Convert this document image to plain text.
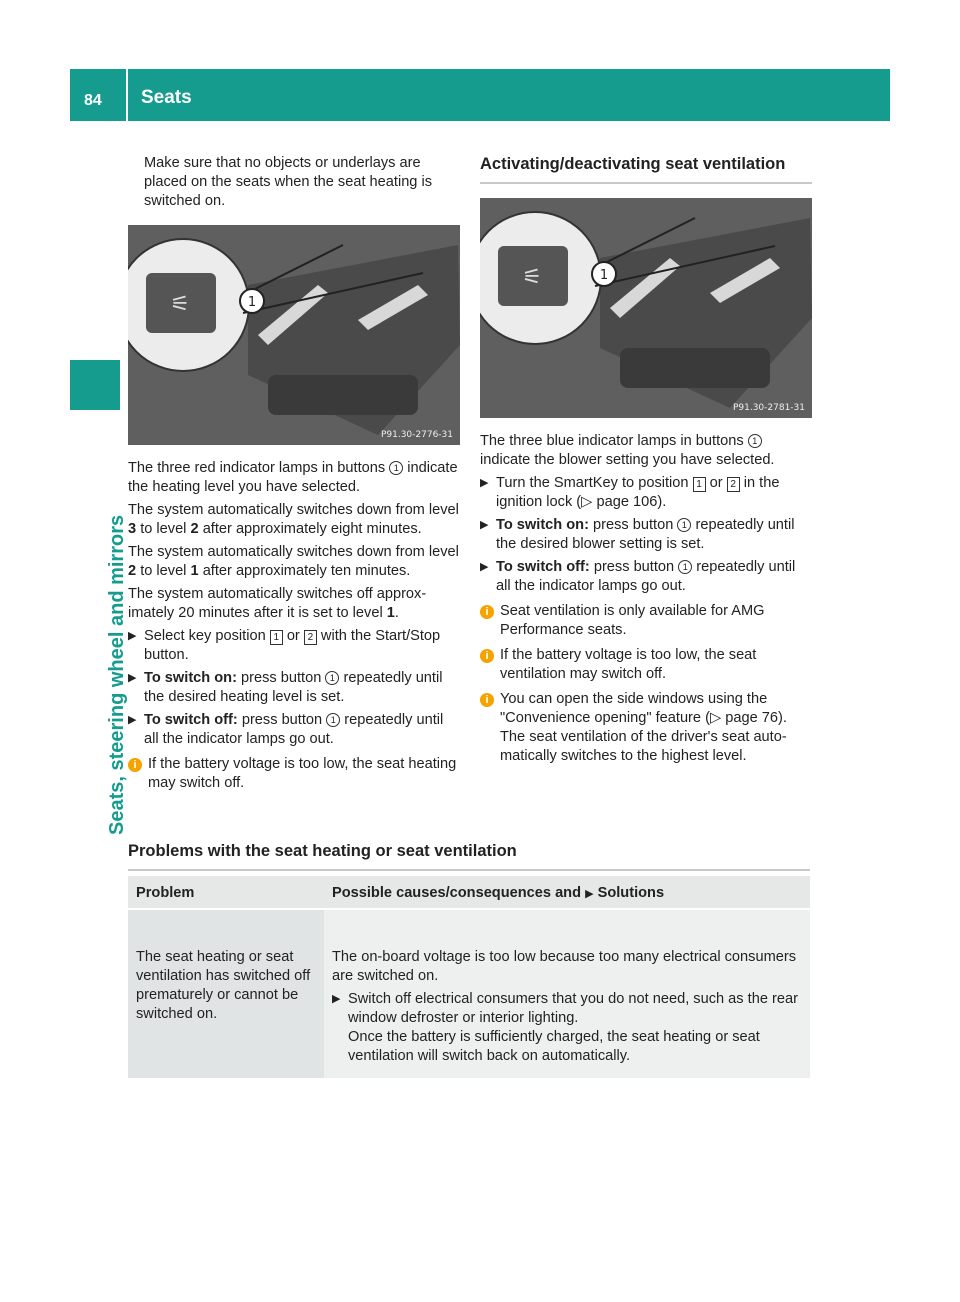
84 Seats
Seats, steering wheel and mirrors

Make sure that no objects or underlays are placed on the seats when the seat heating is switched on.

⚟	1
P91.30-2776-31

The three red indicator lamps in buttons 1 indicate the heating level you have selected.

The system automatically switches down from level 3 to level 2 after approximately eight minutes.

The system automatically switches down from level 2 to level 1 after approximately ten minutes.

The system automatically switches off approximately 20 minutes after it is set to level 1.

▶ Select key position 1 or 2 with the Start/Stop button.
▶ To switch on: press button 1 repeatedly until the desired heating level is set.
▶ To switch off: press button 1 repeatedly until all the indicator lamps go out.
i If the battery voltage is too low, the seat heating may switch off.
Activating/deactivating seat ventilation
⚟	1
P91.30-2781-31

The three blue indicator lamps in buttons 1 indicate the blower setting you have selected.

▶ Turn the SmartKey to position 1 or 2 in the ignition lock (▷ page 106).
▶ To switch on: press button 1 repeatedly until the desired blower setting is set.
▶ To switch off: press button 1 repeatedly until all the indicator lamps go out.
i Seat ventilation is only available for AMG Performance seats.
i If the battery voltage is too low, the seat ventilation may switch off.
i You can open the side windows using the "Convenience opening" feature (▷ page 76). The seat ventilation of the driver's seat automatically switches to the highest level.
Problems with the seat heating or seat ventilation
Problem	Possible causes/consequences and ▶ Solutions
The seat heating or seat ventilation has switched off prematurely or cannot be switched on.

The on-board voltage is too low because too many electrical consumers are switched on.

▶ Switch off electrical consumers that you do not need, such as the rear window defroster or interior lighting.
Once the battery is sufficiently charged, the seat heating or seat ventilation will switch back on automatically.
